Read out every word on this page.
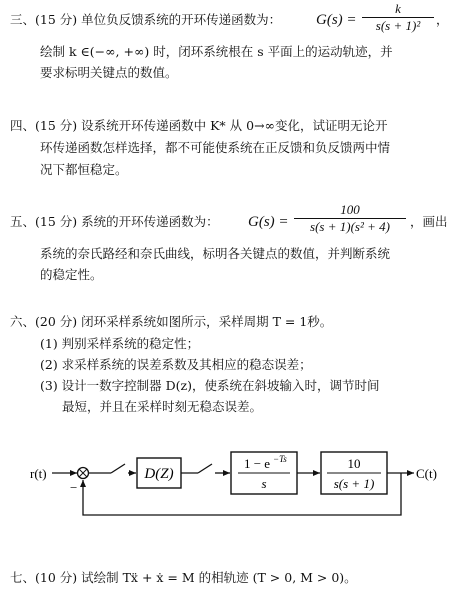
三、(15 分) 单位负反馈系统的开环传递函数为： G(s) =
k
s(s + 1)²	，
绘制 k ∈(−∞, +∞) 时，闭环系统根在 s 平面上的运动轨迹，并
要求标明关键点的数值。
四、(15 分) 设系统开环传递函数中 K* 从 0→∞变化，试证明无论开
环传递函数怎样选择，都不可能使系统在正反馈和负反馈两中情
况下都恒稳定。
五、(15 分) 系统的开环传递函数为： G(s) =
100
s(s + 1)(s² + 4)	，画出
系统的奈氏路经和奈氏曲线，标明各关键点的数值，并判断系统
的稳定性。
六、(20 分) 闭环采样系统如图所示，采样周期 T = 1秒。
(1) 判别采样系统的稳定性；
(2) 求采样系统的误差系数及其相应的稳态误差；
(3) 设计一数字控制器 D(z)，使系统在斜坡输入时，调节时间
最短，并且在采样时刻无稳态误差。
r(t)
−
D(Z)
1 − e −Ts
s
10
s(s + 1)
C(t)
七、(10 分) 试绘制 Tẍ + ẋ = M 的相轨迹 (T > 0, M > 0)。
